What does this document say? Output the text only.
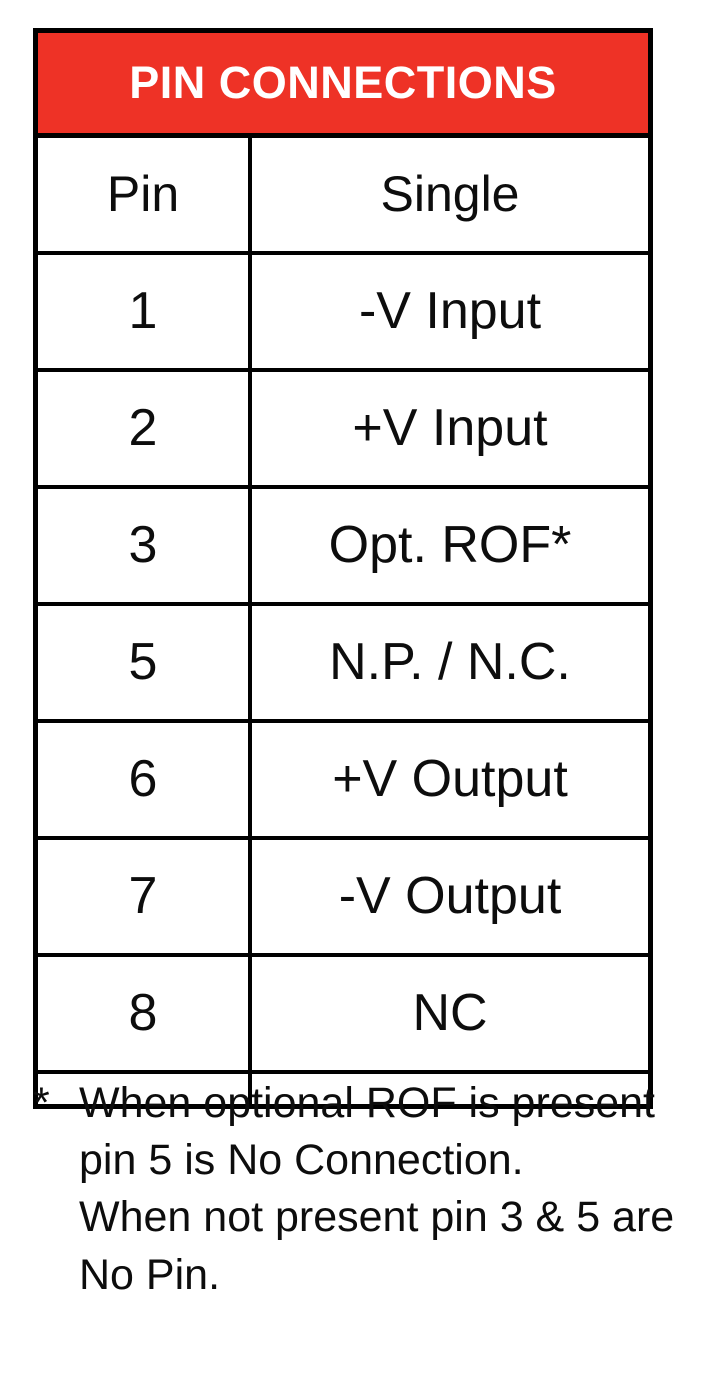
PIN CONNECTIONS
Pin	Single
1	-V Input
2	+V Input
3	Opt. ROF*
5	N.P. / N.C.
6	+V Output
7	-V Output
8	NC

* When optional ROF is present pin 5 is No Connection.

When not present pin 3 & 5 are No Pin.
